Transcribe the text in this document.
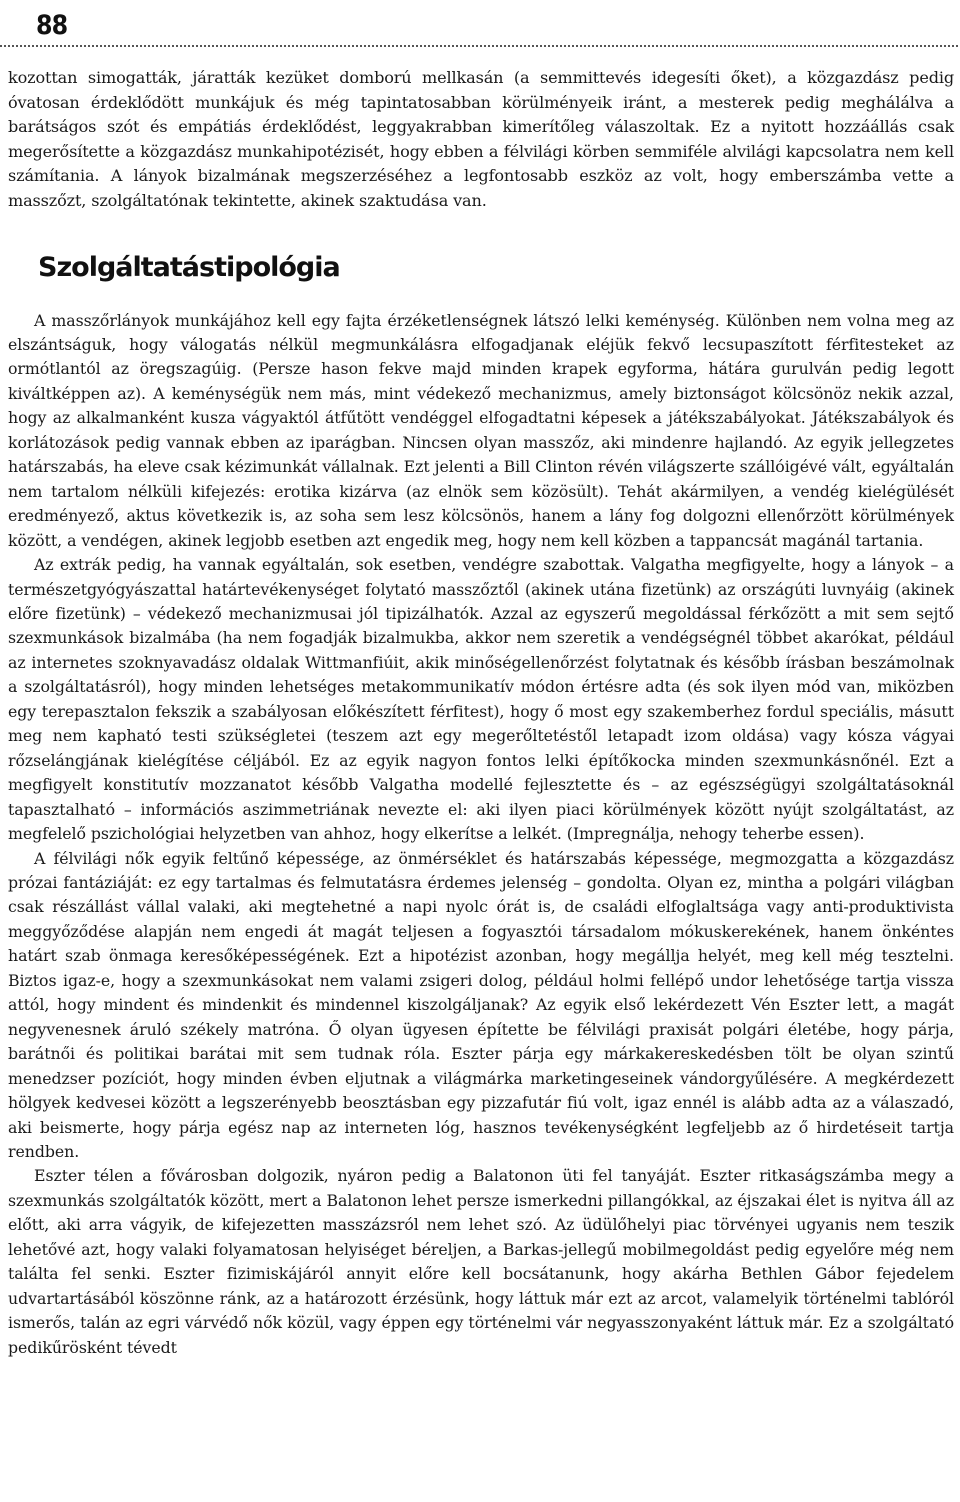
88

kozottan simogatták, járatták kezüket domború mellkasán (a semmittevés idegesíti őket), a közgazdász pedig óvatosan érdeklődött munkájuk és még tapintatosabban körülményeik iránt, a mesterek pedig meghálálva a barátságos szót és empátiás érdeklődést, leggyakrabban kimerítőleg válaszoltak. Ez a nyitott hozzáállás csak megerősítette a közgazdász munkahipotézisét, hogy ebben a félvilági körben semmiféle alvilági kapcsolatra nem kell számítania. A lányok bizalmának megszerzéséhez a legfontosabb eszköz az volt, hogy emberszámba vette a masszőzt, szolgáltatónak tekintette, akinek szaktudása van.

Szolgáltatástipológia

A masszőrlányok munkájához kell egy fajta érzéketlenségnek látszó lelki keménység. Különben nem volna meg az elszántságuk, hogy válogatás nélkül megmunkálásra elfogadjanak eléjük fekvő lecsupaszított férfitesteket az ormótlantól az öregszagúig. (Persze hason fekve majd minden krapek egyforma, hátára gurulván pedig legott kiváltképpen az). A keménységük nem más, mint védekező mechanizmus, amely biztonságot kölcsönöz nekik azzal, hogy az alkalmanként kusza vágyaktól átfűtött vendéggel elfogadtatni képesek a játékszabályokat. Játékszabályok és korlátozások pedig vannak ebben az iparágban. Nincsen olyan masszőz, aki mindenre hajlandó. Az egyik jellegzetes határszabás, ha eleve csak kézimunkát vállalnak. Ezt jelenti a Bill Clinton révén világszerte szállóigévé vált, egyáltalán nem tartalom nélküli kifejezés: erotika kizárva (az elnök sem közösült). Tehát akármilyen, a vendég kielégülését eredményező, aktus következik is, az soha sem lesz kölcsönös, hanem a lány fog dolgozni ellenőrzött körülmények között, a vendégen, akinek legjobb esetben azt engedik meg, hogy nem kell közben a tappancsát magánál tartania.

Az extrák pedig, ha vannak egyáltalán, sok esetben, vendégre szabottak. Valgatha megfigyelte, hogy a lányok – a természetgyógyászattal határtevékenységet folytató masszőztől (akinek utána fizetünk) az országúti luvnyáig (akinek előre fizetünk) – védekező mechanizmusai jól tipizálhatók. Azzal az egyszerű megoldással férkőzött a mit sem sejtő szexmunkások bizalmába (ha nem fogadják bizalmukba, akkor nem szeretik a vendégségnél többet akarókat, például az internetes szoknyavadász oldalak Wittmanfiúit, akik minőségellenőrzést folytatnak és később írásban beszámolnak a szolgáltatásról), hogy minden lehetséges metakommunikatív módon értésre adta (és sok ilyen mód van, miközben egy terepasztalon fekszik a szabályosan előkészített férfitest), hogy ő most egy szakemberhez fordul speciális, másutt meg nem kapható testi szükségletei (teszem azt egy megerőltetéstől letapadt izom oldása) vagy kósza vágyai rőzselángjának kielégítése céljából. Ez az egyik nagyon fontos lelki építőkocka minden szexmunkásnőnél. Ezt a megfigyelt konstitutív mozzanatot később Valgatha modellé fejlesztette és – az egészségügyi szolgáltatásoknál tapasztalható – információs aszimmetriának nevezte el: aki ilyen piaci körülmények között nyújt szolgáltatást, az megfelelő pszichológiai helyzetben van ahhoz, hogy elkerítse a lelkét. (Impregnálja, nehogy teherbe essen).

A félvilági nők egyik feltűnő képessége, az önmérséklet és határszabás képessége, megmozgatta a közgazdász prózai fantáziáját: ez egy tartalmas és felmutatásra érdemes jelenség – gondolta. Olyan ez, mintha a polgári világban csak részállást vállal valaki, aki megtehetné a napi nyolc órát is, de családi elfoglaltsága vagy anti-produktivista meggyőződése alapján nem engedi át magát teljesen a fogyasztói társadalom mókuskerekének, hanem önkéntes határt szab önmaga keresőképességének. Ezt a hipotézist azonban, hogy megállja helyét, meg kell még tesztelni. Biztos igaz-e, hogy a szexmunkásokat nem valami zsigeri dolog, például holmi fellépő undor lehetősége tartja vissza attól, hogy mindent és mindenkit és mindennel kiszolgáljanak? Az egyik első lekérdezett Vén Eszter lett, a magát negyvenesnek áruló székely matróna. Ő olyan ügyesen építette be félvilági praxisát polgári életébe, hogy párja, barátnői és politikai barátai mit sem tudnak róla. Eszter párja egy márkakereskedésben tölt be olyan szintű menedzser pozíciót, hogy minden évben eljutnak a világmárka marketingeseinek vándorgyűlésére. A megkérdezett hölgyek kedvesei között a legszerényebb beosztásban egy pizzafutár fiú volt, igaz ennél is alább adta az a válaszadó, aki beismerte, hogy párja egész nap az interneten lóg, hasznos tevékenységként legfeljebb az ő hirdetéseit tartja rendben.

Eszter télen a fővárosban dolgozik, nyáron pedig a Balatonon üti fel tanyáját. Eszter ritkaságszámba megy a szexmunkás szolgáltatók között, mert a Balatonon lehet persze ismerkedni pillangókkal, az éjszakai élet is nyitva áll az előtt, aki arra vágyik, de kifejezetten masszázsról nem lehet szó. Az üdülőhelyi piac törvényei ugyanis nem teszik lehetővé azt, hogy valaki folyamatosan helyiséget béreljen, a Barkas-jellegű mobilmegoldást pedig egyelőre még nem találta fel senki. Eszter fizimiskájáról annyit előre kell bocsátanunk, hogy akárha Bethlen Gábor fejedelem udvartartásából köszönne ránk, az a határozott érzésünk, hogy láttuk már ezt az arcot, valamelyik történelmi tablóról ismerős, talán az egri várvédő nők közül, vagy éppen egy történelmi vár negyasszonyaként láttuk már. Ez a szolgáltató pedikűrösként tévedt
